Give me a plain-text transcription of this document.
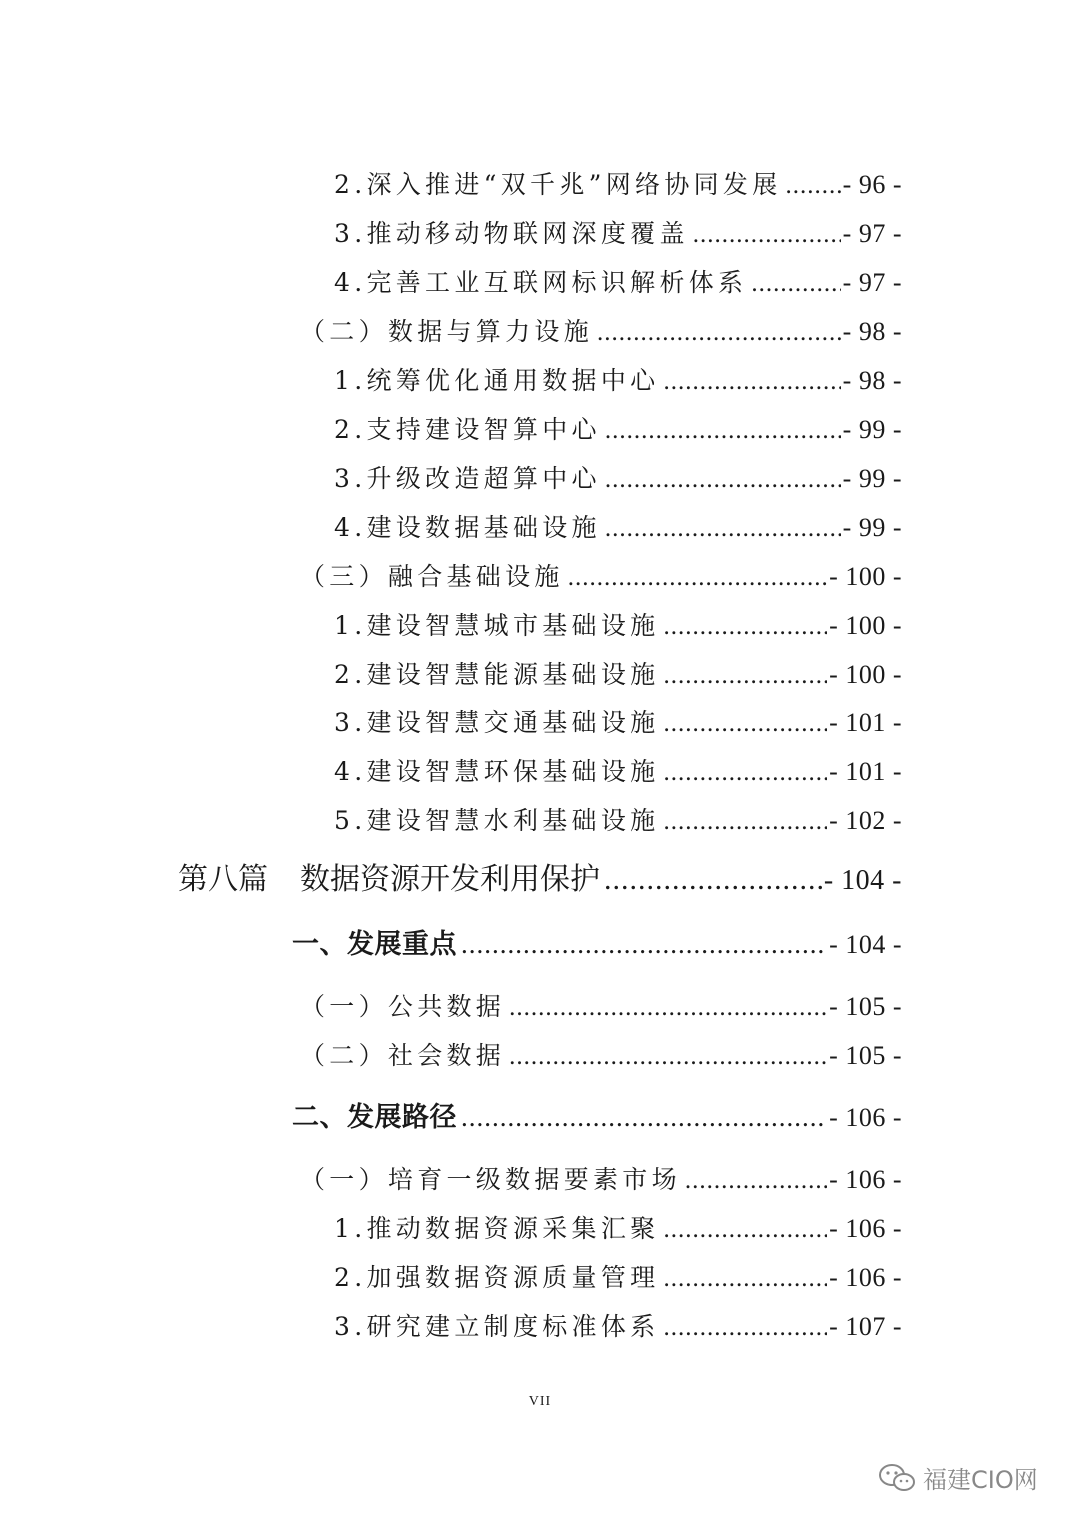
2.深入推进“双千兆”网络协同发展 ..... - 96 -
3.推动移动物联网深度覆盖 .....	- 97 -
4.完善工业互联网标识解析体系 .....	- 97 -
（二）数据与算力设施 .....	- 98 -
1.统筹优化通用数据中心 .....	- 98 -
2.支持建设智算中心 .....	- 99 -
3.升级改造超算中心 .....	- 99 -
4.建设数据基础设施 .....	- 99 -
（三）融合基础设施 .....	- 100 -
1.建设智慧城市基础设施 .....	- 100 -
2.建设智慧能源基础设施 .....	- 100 -
3.建设智慧交通基础设施 .....	- 101 -
4.建设智慧环保基础设施 .....	- 101 -
5.建设智慧水利基础设施 .....	- 102 -
第八篇 数据资源开发利用保护 .....	- 104 -
一、发展重点 .....	- 104 -
（一）公共数据 .....	- 105 -
（二）社会数据 .....	- 105 -
二、发展路径 .....	- 106 -
（一）培育一级数据要素市场 .....	- 106 -
1.推动数据资源采集汇聚 .....	- 106 -
2.加强数据资源质量管理 .....	- 106 -
3.研究建立制度标准体系 .....	- 107 -
VII
福建CIO网
